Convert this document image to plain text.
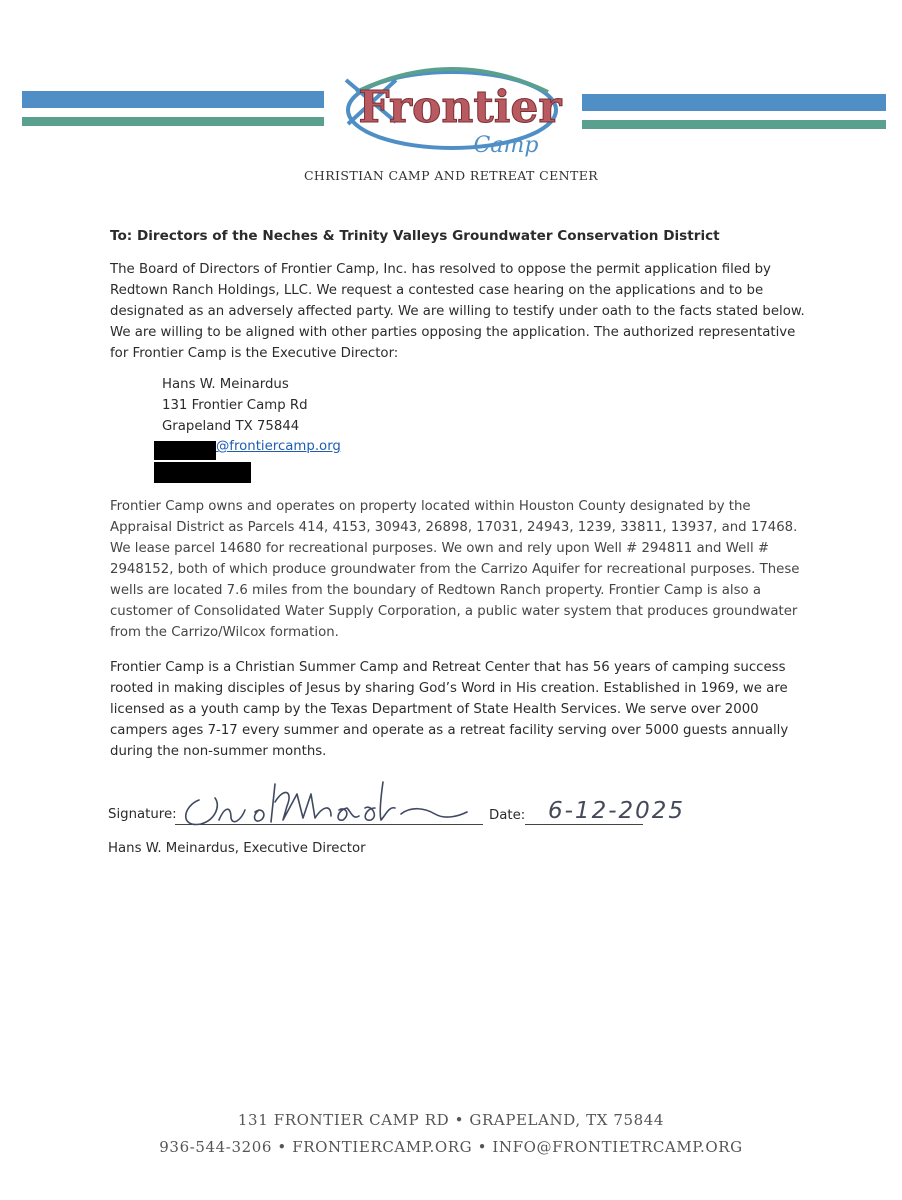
Frontier
Camp
CHRISTIAN CAMP AND RETREAT CENTER
To: Directors of the Neches & Trinity Valleys Groundwater Conservation District
The Board of Directors of Frontier Camp, Inc. has resolved to oppose the permit application filed by Redtown Ranch Holdings, LLC. We request a contested case hearing on the applications and to be designated as an adversely affected party. We are willing to testify under oath to the facts stated below. We are willing to be aligned with other parties opposing the application. The authorized representative for Frontier Camp is the Executive Director:
Hans W. Meinardus
131 Frontier Camp Rd
Grapeland TX 75844
@frontiercamp.org
Frontier Camp owns and operates on property located within Houston County designated by the Appraisal District as Parcels 414, 4153, 30943, 26898, 17031, 24943, 1239, 33811, 13937, and 17468. We lease parcel 14680 for recreational purposes. We own and rely upon Well # 294811 and Well # 2948152, both of which produce groundwater from the Carrizo Aquifer for recreational purposes. These wells are located 7.6 miles from the boundary of Redtown Ranch property. Frontier Camp is also a customer of Consolidated Water Supply Corporation, a public water system that produces groundwater from the Carrizo/Wilcox formation.
Frontier Camp is a Christian Summer Camp and Retreat Center that has 56 years of camping success rooted in making disciples of Jesus by sharing God’s Word in His creation. Established in 1969, we are licensed as a youth camp by the Texas Department of State Health Services. We serve over 2000 campers ages 7-17 every summer and operate as a retreat facility serving over 5000 guests annually during the non-summer months.
Signature:	Date: 6-12-2025
Hans W. Meinardus, Executive Director
131 FRONTIER CAMP RD • GRAPELAND, TX 75844
936-544-3206 • FRONTIERCAMP.ORG • INFO@FRONTIETRCAMP.ORG
